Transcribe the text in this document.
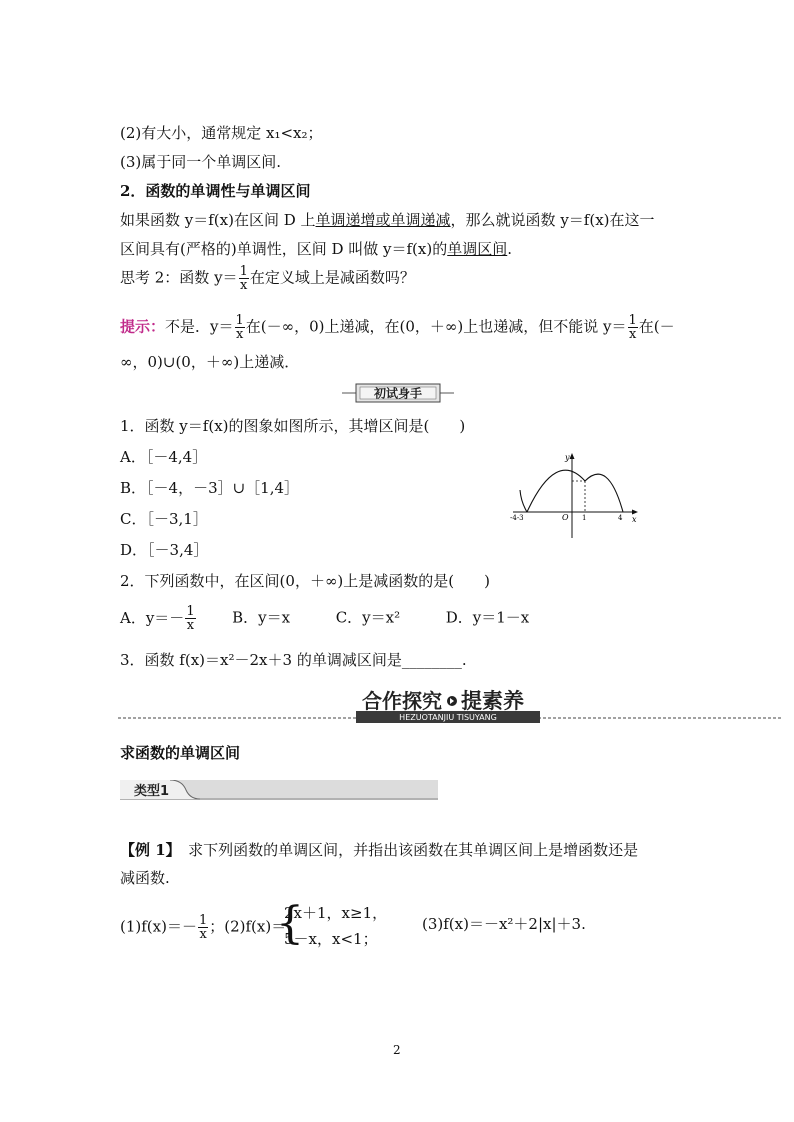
(2)有大小，通常规定 x₁<x₂；
(3)属于同一个单调区间.
2．函数的单调性与单调区间
如果函数 y＝f(x)在区间 D 上单调递增或单调递减，那么就说函数 y＝f(x)在这一
区间具有(严格的)单调性，区间 D 叫做 y＝f(x)的单调区间.
思考 2：函数 $y= \frac{1}{x}$ 在定义域上是减函数吗？
提示：不是．$y= \frac{1}{x}$ 在(－∞，0)上递减，在(0，＋∞)上也递减，但不能说 $y= \frac{1}{x}$ 在(－
∞，0)∪(0，＋∞)上递减．
初试身手
1．函数 y＝f(x)的图象如图所示，其增区间是(　　)
A．［－4,4］
B．［－4，－3］∪［1,4］
C．［－3,1］
D．［－3,4］
y
x
O
-4-3	1	4
2．下列函数中，在区间(0，＋∞)上是减函数的是(　　)
A．$y=- \frac{1}{x}$ B．y＝x	C．y＝x²	D．y＝1－x
3．函数 f(x)＝x²－2x＋3 的单调减区间是________.
HEZUOTANJIU TISUYANG
合作探究 提素养
求函数的单调区间
类型1
【例 1】　求下列函数的单调区间，并指出该函数在其单调区间上是增函数还是
减函数.
$(1)f(x)=- \frac{1}{x}$ ；(2)f(x)＝
{
2x＋1，x≥1，
5－x，x<1；
(3)f(x)＝－x²＋2|x|＋3.
2
